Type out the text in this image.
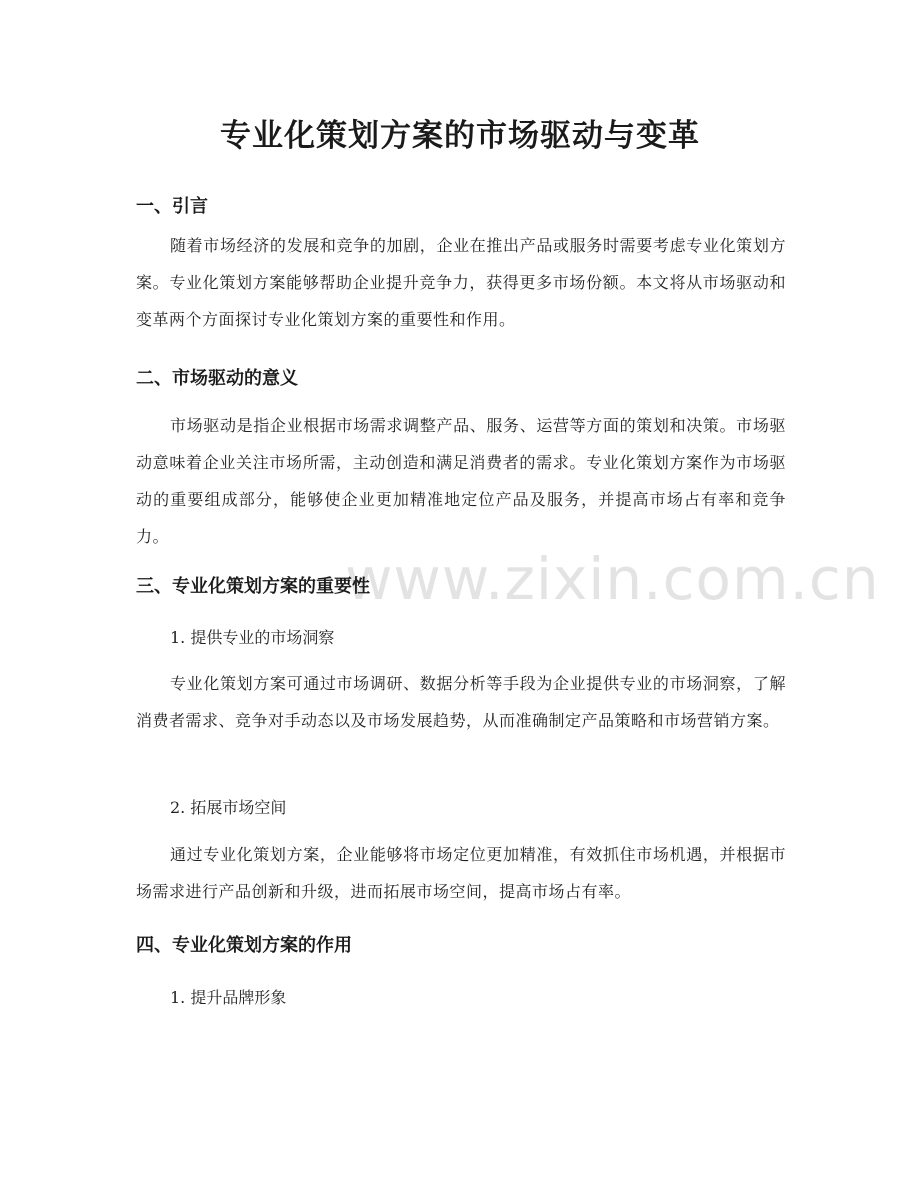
www.zixin.com.cn
专业化策划方案的市场驱动与变革
一、引言
随着市场经济的发展和竞争的加剧，企业在推出产品或服务时需要考虑专业化策划方案。专业化策划方案能够帮助企业提升竞争力，获得更多市场份额。本文将从市场驱动和变革两个方面探讨专业化策划方案的重要性和作用。
二、市场驱动的意义
市场驱动是指企业根据市场需求调整产品、服务、运营等方面的策划和决策。市场驱动意味着企业关注市场所需，主动创造和满足消费者的需求。专业化策划方案作为市场驱动的重要组成部分，能够使企业更加精准地定位产品及服务，并提高市场占有率和竞争力。
三、专业化策划方案的重要性
1. 提供专业的市场洞察
专业化策划方案可通过市场调研、数据分析等手段为企业提供专业的市场洞察，了解消费者需求、竞争对手动态以及市场发展趋势，从而准确制定产品策略和市场营销方案。
2. 拓展市场空间
通过专业化策划方案，企业能够将市场定位更加精准，有效抓住市场机遇，并根据市场需求进行产品创新和升级，进而拓展市场空间，提高市场占有率。
四、专业化策划方案的作用
1. 提升品牌形象
